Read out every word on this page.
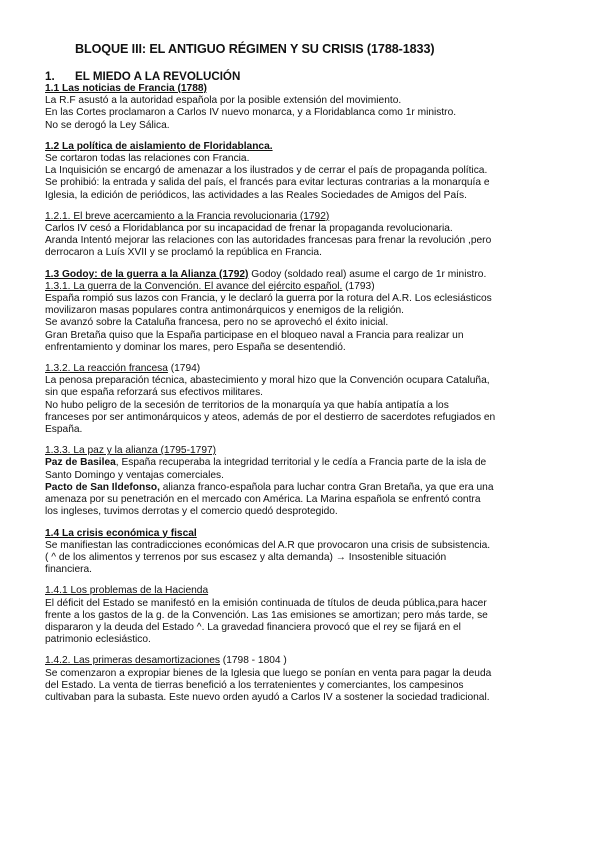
BLOQUE III: EL ANTIGUO RÉGIMEN Y SU CRISIS (1788-1833)
1. EL MIEDO A LA REVOLUCIÓN

1.1 Las noticias de Francia (1788)

La R.F asustó a la autoridad española por la posible extensión del movimiento.

En las Cortes proclamaron a Carlos IV nuevo monarca, y a Floridablanca como 1r ministro.

No se derogó la Ley Sálica.

1.2 La política de aislamiento de Floridablanca.

Se cortaron todas las relaciones con Francia.

La Inquisición se encargó de amenazar a los ilustrados y de cerrar el país de propaganda política.

Se prohibió: la entrada y salida del país, el francés para evitar lecturas contrarias a la monarquía e

Iglesia, la edición de periódicos, las actividades a las Reales Sociedades de Amigos del País.

1.2.1. El breve acercamiento a la Francia revolucionaria (1792)

Carlos IV cesó a Floridablanca por su incapacidad de frenar la propaganda revolucionaria.

Aranda Intentó mejorar las relaciones con las autoridades francesas para frenar la revolución ,pero

derrocaron a Luís XVII y se proclamó la república en Francia.

1.3 Godoy: de la guerra a la Alianza (1792) Godoy (soldado real) asume el cargo de 1r ministro.

1.3.1. La guerra de la Convención. El avance del ejército español. (1793)

España rompió sus lazos con Francia, y le declaró la guerra por la rotura del A.R. Los eclesiásticos

movilizaron masas populares contra antimonárquicos y enemigos de la religión.

Se avanzó sobre la Cataluña francesa, pero no se aprovechó el éxito inicial.

Gran Bretaña quiso que la España participase en el bloqueo naval a Francia para realizar un

enfrentamiento y dominar los mares, pero España se desentendió.

1.3.2. La reacción francesa (1794)

La penosa preparación técnica, abastecimiento y moral hizo que la Convención ocupara Cataluña,

sin que españa reforzará sus efectivos militares.

No hubo peligro de la secesión de territorios de la monarquía ya que había antipatía a los

franceses por ser antimonárquicos y ateos, además de por el destierro de sacerdotes refugiados en

España.

1.3.3. La paz y la alianza (1795-1797)

Paz de Basilea, España recuperaba la integridad territorial y le cedía a Francia parte de la isla de

Santo Domingo y ventajas comerciales.

Pacto de San Ildefonso, alianza franco-española para luchar contra Gran Bretaña, ya que era una

amenaza por su penetración en el mercado con América. La Marina española se enfrentó contra

los ingleses, tuvimos derrotas y el comercio quedó desprotegido.

1.4 La crisis económica y fiscal

Se manifiestan las contradicciones económicas del A.R que provocaron una crisis de subsistencia.

( ^ de los alimentos y terrenos por sus escasez y alta demanda) → Insostenible situación

financiera.

1.4.1 Los problemas de la Hacienda

El déficit del Estado se manifestó en la emisión continuada de títulos de deuda pública,para hacer

frente a los gastos de la g. de la Convención. Las 1as emisiones se amortizan; pero más tarde, se

dispararon y la deuda del Estado ^. La gravedad financiera provocó que el rey se fijará en el

patrimonio eclesiástico.

1.4.2. Las primeras desamortizaciones (1798 - 1804 )

Se comenzaron a expropiar bienes de la Iglesia que luego se ponían en venta para pagar la deuda

del Estado. La venta de tierras benefició a los terratenientes y comerciantes, los campesinos

cultivaban para la subasta. Este nuevo orden ayudó a Carlos IV a sostener la sociedad tradicional.
